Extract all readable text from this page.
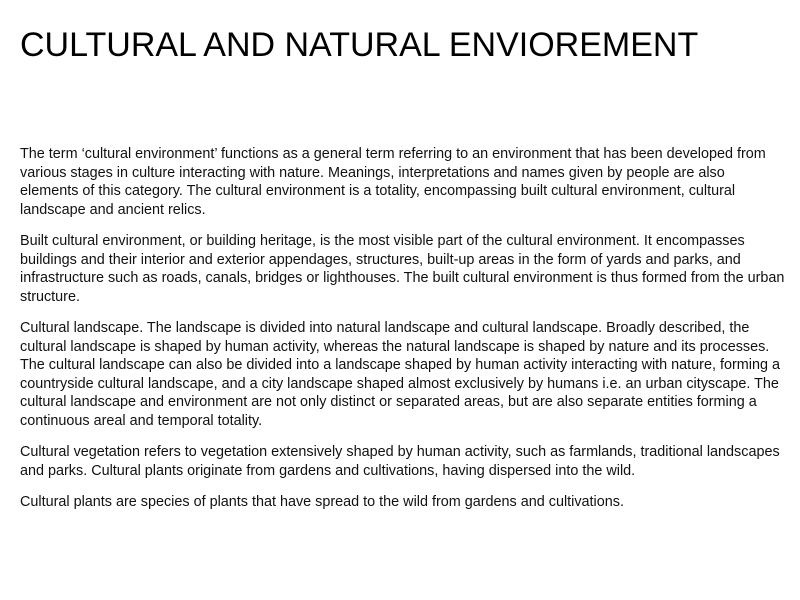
CULTURAL AND NATURAL ENVIOREMENT

The term ‘cultural environment’ functions as a general term referring to an environment that has been developed from various stages in culture interacting with nature. Meanings, interpretations and names given by people are also elements of this category. The cultural environment is a totality, encompassing built cultural environment, cultural landscape and ancient relics.

Built cultural environment, or building heritage, is the most visible part of the cultural environment. It encompasses buildings and their interior and exterior appendages, structures, built-up areas in the form of yards and parks, and infrastructure such as roads, canals, bridges or lighthouses. The built cultural environment is thus formed from the urban structure.

Cultural landscape. The landscape is divided into natural landscape and cultural landscape. Broadly described, the cultural landscape is shaped by human activity, whereas the natural landscape is shaped by nature and its processes. The cultural landscape can also be divided into a landscape shaped by human activity interacting with nature, forming a countryside cultural landscape, and a city landscape shaped almost exclusively by humans i.e. an urban cityscape. The cultural landscape and environment are not only distinct or separated areas, but are also separate entities forming a continuous areal and temporal totality.

Cultural vegetation refers to vegetation extensively shaped by human activity, such as farmlands, traditional landscapes and parks. Cultural plants originate from gardens and cultivations, having dispersed into the wild.

Cultural plants are species of plants that have spread to the wild from gardens and cultivations.
